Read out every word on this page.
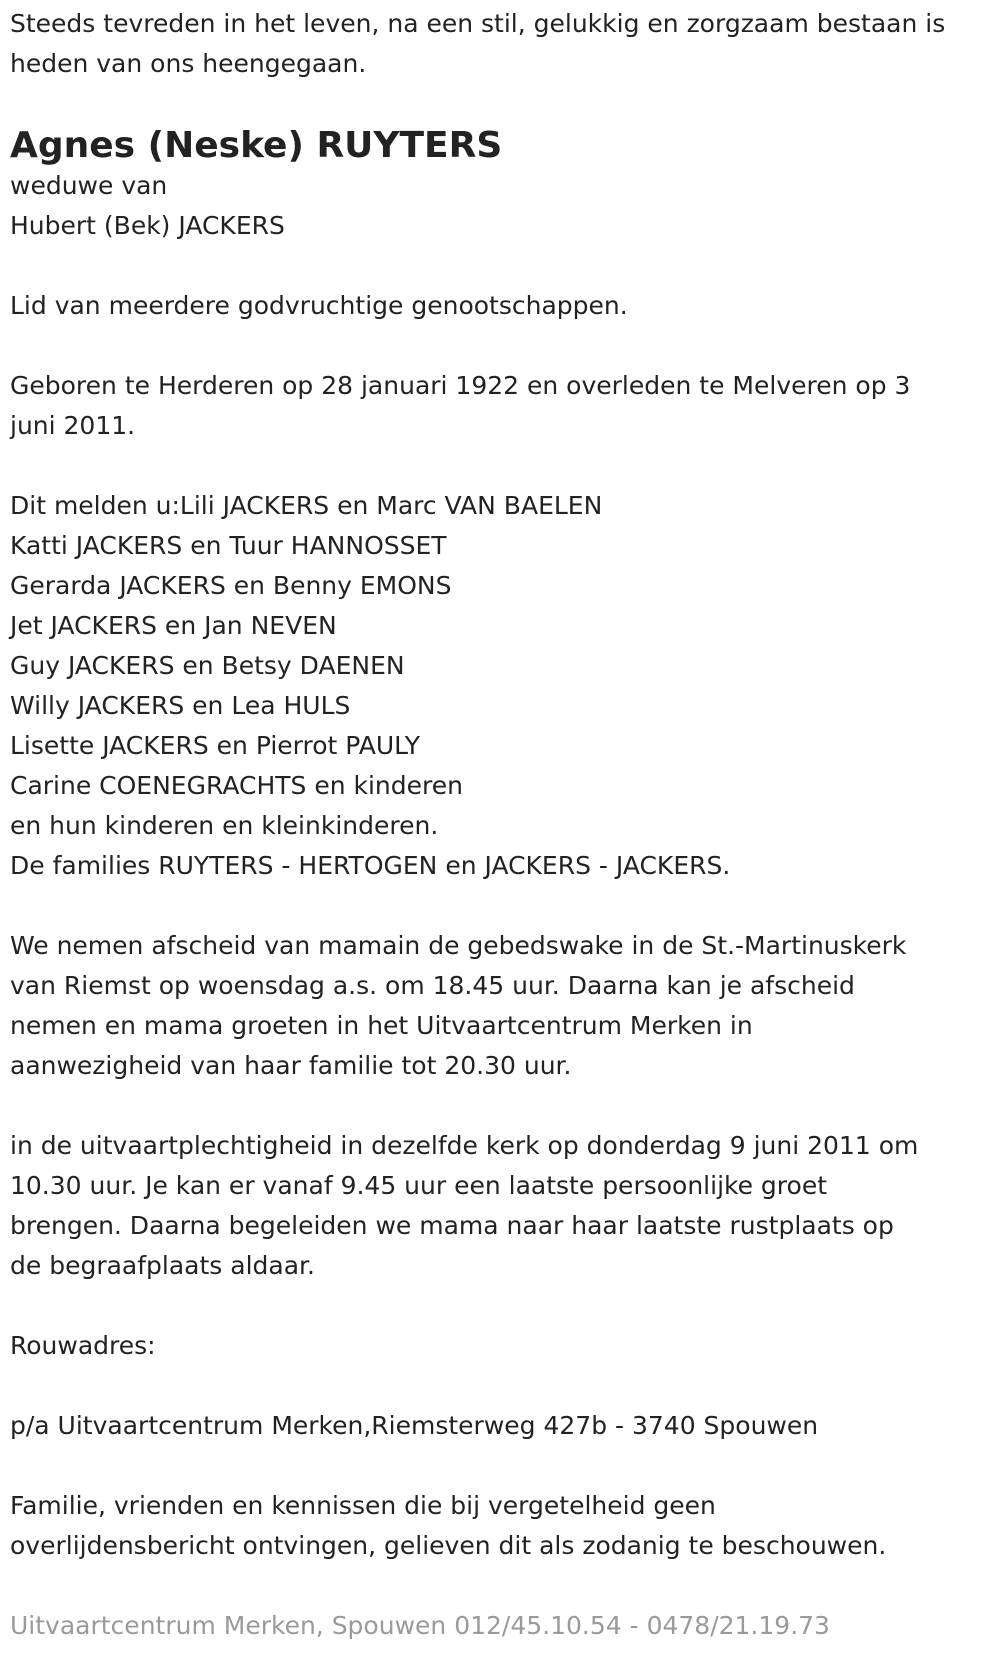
Steeds tevreden in het leven, na een stil, gelukkig en zorgzaam bestaan is
heden van ons heengegaan.
Agnes (Neske) RUYTERS
weduwe van
Hubert (Bek) JACKERS
Lid van meerdere godvruchtige genootschappen.
Geboren te Herderen op 28 januari 1922 en overleden te Melveren op 3
juni 2011.
Dit melden u:Lili JACKERS en Marc VAN BAELEN
Katti JACKERS en Tuur HANNOSSET
Gerarda JACKERS en Benny EMONS
Jet JACKERS en Jan NEVEN
Guy JACKERS en Betsy DAENEN
Willy JACKERS en Lea HULS
Lisette JACKERS en Pierrot PAULY
Carine COENEGRACHTS en kinderen
en hun kinderen en kleinkinderen.
De families RUYTERS - HERTOGEN en JACKERS - JACKERS.
We nemen afscheid van mamain de gebedswake in de St.-Martinuskerk
van Riemst op woensdag a.s. om 18.45 uur. Daarna kan je afscheid
nemen en mama groeten in het Uitvaartcentrum Merken in
aanwezigheid van haar familie tot 20.30 uur.
in de uitvaartplechtigheid in dezelfde kerk op donderdag 9 juni 2011 om
10.30 uur. Je kan er vanaf 9.45 uur een laatste persoonlijke groet
brengen. Daarna begeleiden we mama naar haar laatste rustplaats op
de begraafplaats aldaar.
Rouwadres:
p/a Uitvaartcentrum Merken,Riemsterweg 427b - 3740 Spouwen
Familie, vrienden en kennissen die bij vergetelheid geen
overlijdensbericht ontvingen, gelieven dit als zodanig te beschouwen.
Uitvaartcentrum Merken, Spouwen 012/45.10.54 - 0478/21.19.73
